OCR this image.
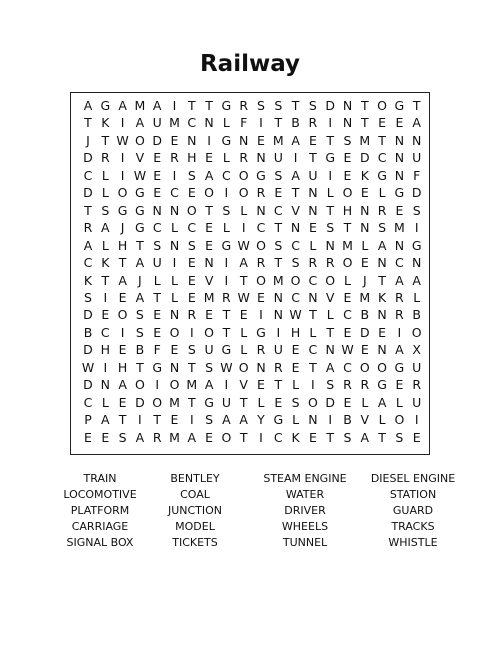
Railway
A G A M A I T T G R S S T S D N T O G T
T K I A U M C N L F I T B R I N T E E A
J T W O D E N I G N E M A E T S M T N N
D R I V E R H E L R N U I T G E D C N U
C L I W E I S A C O G S A U I E K G N F
D L O G E C E O I O R E T N L O E L G D
T S G G N N O T S L N C V N T H N R E S
R A J G C L C E L I C T N E S T N S M I
A L H T S N S E G W O S C L N M L A N G
C K T A U I E N I A R T S R R O E N C N
K T A J L L E V I T O M O C O L J T A A
S I E A T L E M R W E N C N V E M K R L
D E O S E N R E T E I N W T L C B N R B
B C I S E O I O T L G I H L T E D E I O
D H E B F E S U G L R U E C N W E N A X
W I H T G N T S W O N R E T A C O O G U
D N A O I O M A I V E T L I S R R G E R
C L E D O M T G U T L E S O D E L A L U
P A T I T E I S A A Y G L N I B V L O I
E E S A R M A E O T I C K E T S A T S E
TRAIN	BENTLEY	STEAM ENGINE	DIESEL ENGINE
LOCOMOTIVE	COAL	WATER	STATION
PLATFORM	JUNCTION	DRIVER	GUARD
CARRIAGE	MODEL	WHEELS	TRACKS
SIGNAL BOX	TICKETS	TUNNEL	WHISTLE
